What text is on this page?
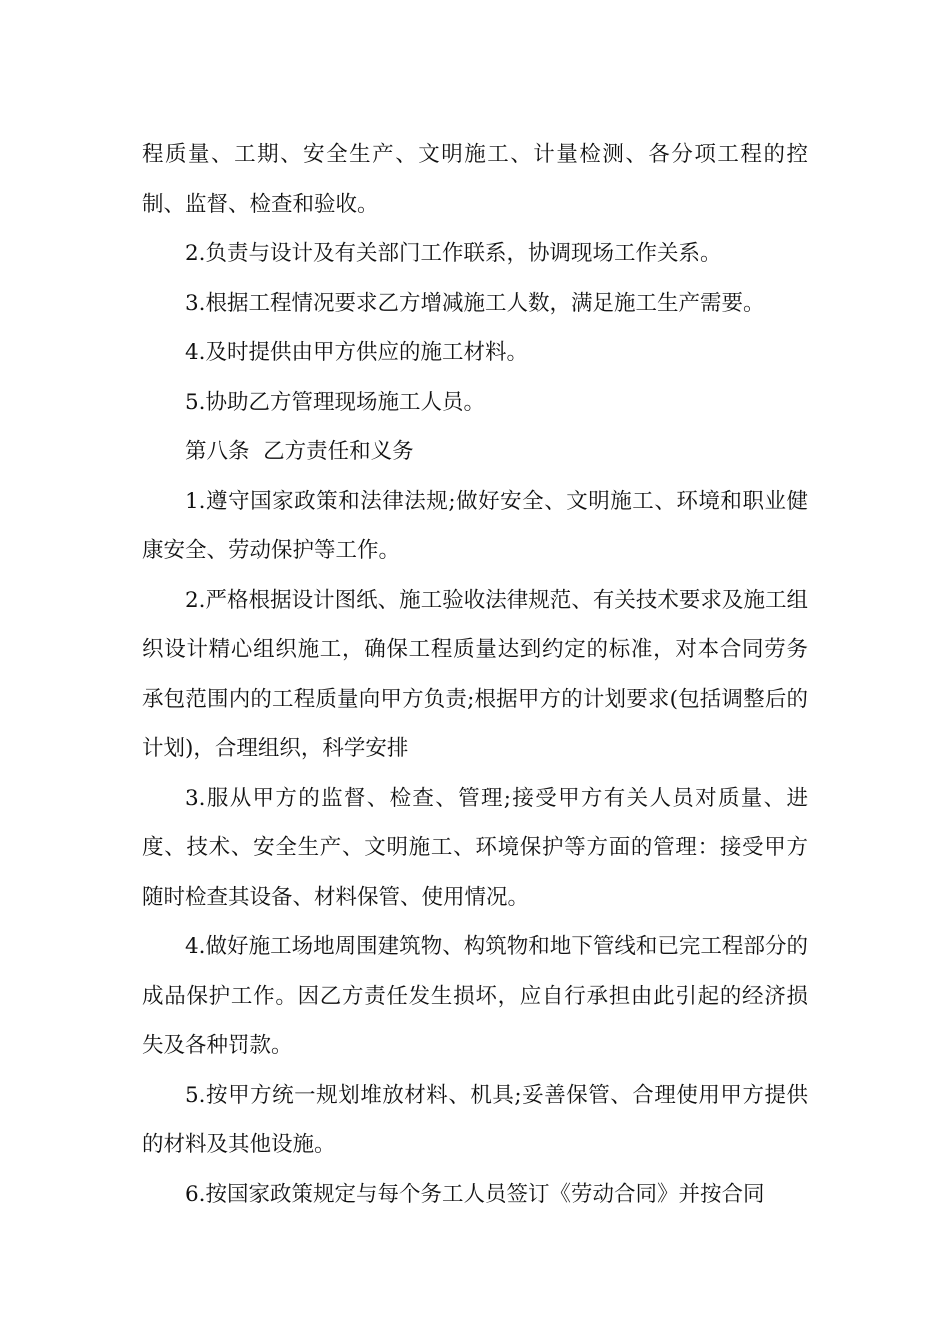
程质量、工期、安全生产、文明施工、计量检测、各分项工程的控制、监督、检查和验收。

2.负责与设计及有关部门工作联系，协调现场工作关系。

3.根据工程情况要求乙方增减施工人数，满足施工生产需要。

4.及时提供由甲方供应的施工材料。

5.协助乙方管理现场施工人员。

第八条  乙方责任和义务

1.遵守国家政策和法律法规;做好安全、文明施工、环境和职业健康安全、劳动保护等工作。

2.严格根据设计图纸、施工验收法律规范、有关技术要求及施工组织设计精心组织施工，确保工程质量达到约定的标准，对本合同劳务承包范围内的工程质量向甲方负责;根据甲方的计划要求(包括调整后的计划)，合理组织，科学安排

3.服从甲方的监督、检查、管理;接受甲方有关人员对质量、进度、技术、安全生产、文明施工、环境保护等方面的管理：接受甲方随时检查其设备、材料保管、使用情况。

4.做好施工场地周围建筑物、构筑物和地下管线和已完工程部分的成品保护工作。因乙方责任发生损坏，应自行承担由此引起的经济损失及各种罚款。

5.按甲方统一规划堆放材料、机具;妥善保管、合理使用甲方提供的材料及其他设施。

6.按国家政策规定与每个务工人员签订《劳动合同》并按合同
